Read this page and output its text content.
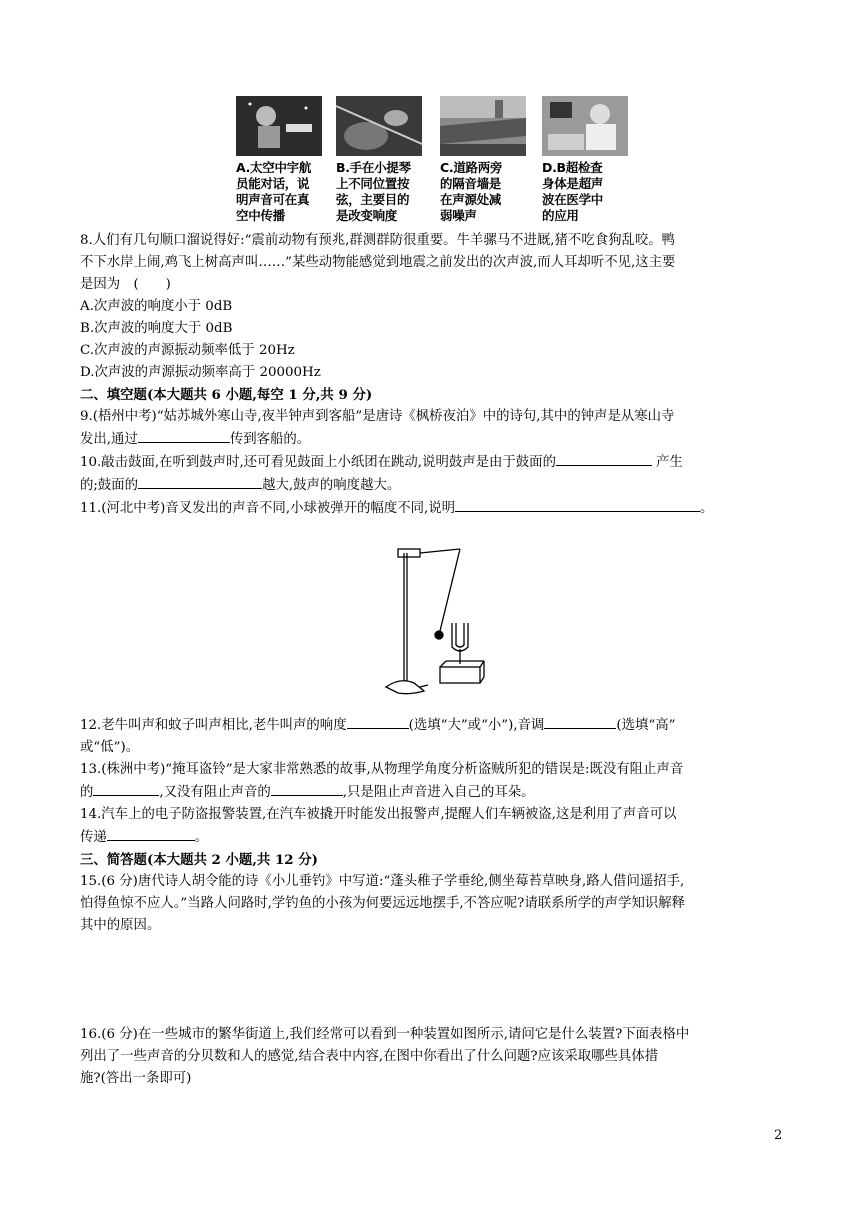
A.太空中宇航
员能对话，说
明声音可在真
空中传播
B.手在小提琴
上不同位置按
弦，主要目的
是改变响度
C.道路两旁
的隔音墙是
在声源处减
弱噪声
D.B超检查
身体是超声
波在医学中
的应用
8.人们有几句顺口溜说得好:“震前动物有预兆,群测群防很重要。牛羊骡马不进厩,猪不吃食狗乱咬。鸭
不下水岸上闹,鸡飞上树高声叫……”某些动物能感觉到地震之前发出的次声波,而人耳却听不见,这主要
是因为　(　　)
A.次声波的响度小于 0dB
B.次声波的响度大于 0dB
C.次声波的声源振动频率低于 20Hz
D.次声波的声源振动频率高于 20000Hz
二、填空题(本大题共 6 小题,每空 1 分,共 9 分)
9.(梧州中考)“姑苏城外寒山寺,夜半钟声到客船”是唐诗《枫桥夜泊》中的诗句,其中的钟声是从寒山寺
发出,通过	传到客船的。
10.敲击鼓面,在听到鼓声时,还可看见鼓面上小纸团在跳动,说明鼓声是由于鼓面的	产生
的;鼓面的	越大,鼓声的响度越大。
11.(河北中考)音叉发出的声音不同,小球被弹开的幅度不同,说明	。
12.老牛叫声和蚊子叫声相比,老牛叫声的响度	(选填“大”或“小”),音调	(选填“高”
或“低”)。
13.(株洲中考)“掩耳盗铃”是大家非常熟悉的故事,从物理学角度分析盗贼所犯的错误是:既没有阻止声音
的	,又没有阻止声音的	,只是阻止声音进入自己的耳朵。
14.汽车上的电子防盗报警装置,在汽车被撬开时能发出报警声,提醒人们车辆被盗,这是利用了声音可以
传递	。
三、简答题(本大题共 2 小题,共 12 分)
15.(6 分)唐代诗人胡令能的诗《小儿垂钓》中写道:“蓬头稚子学垂纶,侧坐莓苔草映身,路人借问遥招手,
怕得鱼惊不应人。”当路人问路时,学钓鱼的小孩为何要远远地摆手,不答应呢?请联系所学的声学知识解释
其中的原因。
16.(6 分)在一些城市的繁华街道上,我们经常可以看到一种装置如图所示,请问它是什么装置?下面表格中
列出了一些声音的分贝数和人的感觉,结合表中内容,在图中你看出了什么问题?应该采取哪些具体措
施?(答出一条即可)
2
